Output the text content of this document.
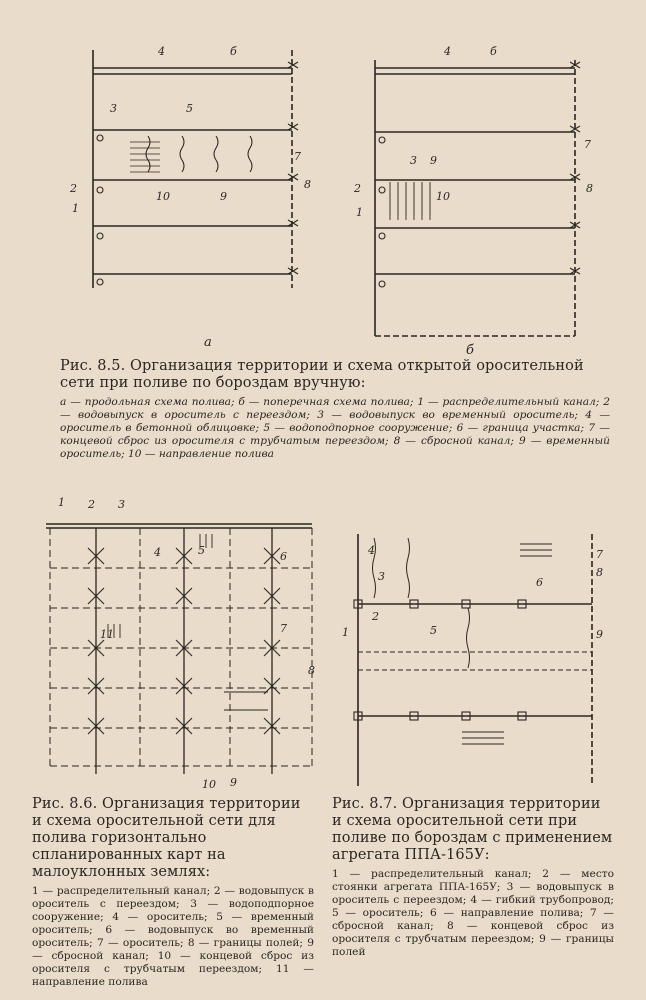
4	б
3	5
7
2
10	9
8
1
а
4	б
7
3 9
2
10
8
1
б
Рис. 8.5. Организация территории и схема открытой оросительной сети при поливе по бороздам вручную:
а — продольная схема полива; б — поперечная схема полива; 1 — распределительный канал; 2 — водовыпуск в ороситель с переездом; 3 — водовыпуск во временный ороситель; 4 — ороситель в бетонной облицовке; 5 — водоподпорное сооружение; 6 — граница участка; 7 — концевой сброс из оросителя с трубчатым переездом; 8 — сбросной канал; 9 — временный ороситель; 10 — направление полива
1 2 3
4	5	6
7
8
11
10 9
Рис. 8.6. Организация территории и схема оросительной сети для полива горизонтально спланированных карт на малоуклонных землях:
1 — распределительный канал; 2 — водовыпуск в ороситель с переездом; 3 — водоподпорное сооружение; 4 — ороситель; 5 — временный ороситель; 6 — водовыпуск во временный ороситель; 7 — ороситель; 8 — границы полей; 9 — сбросной канал; 10 — концевой сброс из оросителя с трубчатым переездом; 11 — направление полива
4
3
2
1	5
6
7
8
9
Рис. 8.7. Организация территории и схема оросительной сети при поливе по бороздам с применением агрегата ППА-165У:
1 — распределительный канал; 2 — место стоянки агрегата ППА-165У; 3 — водовыпуск в ороситель с переездом; 4 — гибкий трубопровод; 5 — ороситель; 6 — направление полива; 7 — сбросной канал; 8 — концевой сброс из оросителя с трубчатым переездом; 9 — границы полей
